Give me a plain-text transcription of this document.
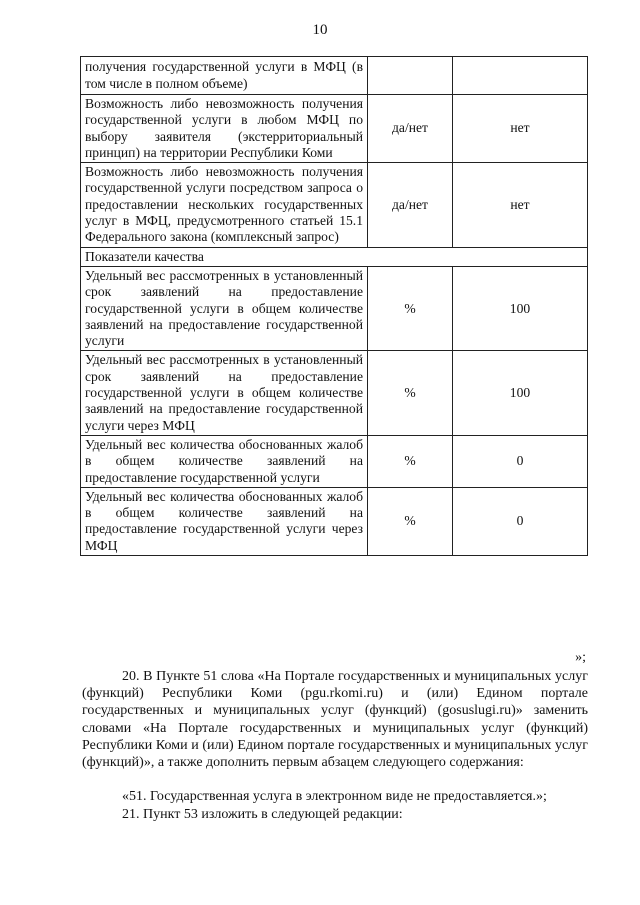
10
получения государственной услуги в МФЦ (в том числе в полном объеме)		
Возможность либо невозможность получения государственной услуги в любом МФЦ по выбору заявителя (экстерриториальный принцип) на территории Республики Коми	да/нет	нет
Возможность либо невозможность получения государственной услуги посредством запроса о предоставлении нескольких государственных услуг в МФЦ, предусмотренного статьей 15.1 Федерального закона (комплексный запрос)	да/нет	нет
Показатели качества		
Удельный вес рассмотренных в установленный срок заявлений на предоставление государственной услуги в общем количестве заявлений на предоставление государственной услуги	%	100
Удельный вес рассмотренных в установленный срок заявлений на предоставление государственной услуги в общем количестве заявлений на предоставление государственной услуги через МФЦ	%	100
Удельный вес количества обоснованных жалоб в общем количестве заявлений на предоставление государственной услуги	%	0
Удельный вес количества обоснованных жалоб в общем количестве заявлений на предоставление государственной услуги через МФЦ	%	0
»;

20. В Пункте 51 слова «На Портале государственных и муниципальных услуг (функций) Республики Коми (pgu.rkomi.ru) и (или) Едином портале государственных и муниципальных услуг (функций) (gosuslugi.ru)» заменить словами «На Портале государственных и муниципальных услуг (функций) Республики Коми и (или) Едином портале государственных и муниципальных услуг (функций)», а также дополнить первым абзацем следующего содержания:

«51. Государственная услуга в электронном виде не предоставляется.»;

21. Пункт 53 изложить в следующей редакции:
